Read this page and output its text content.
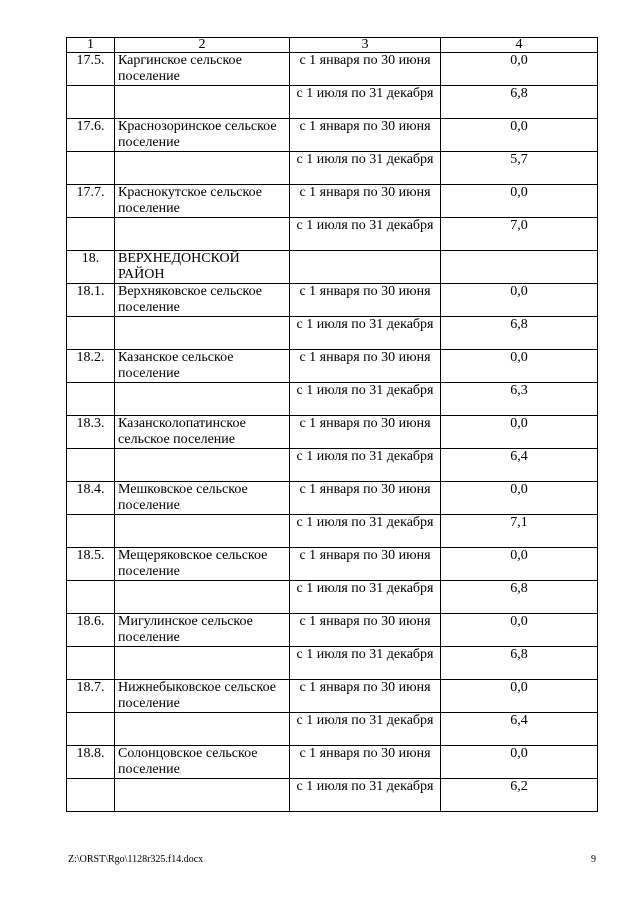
1	2	3	4
17.5.	Каргинское сельское поселение	с 1 января по 30 июня	0,0
		с 1 июля по 31 декабря	6,8
17.6.	Краснозоринское сельское поселение	с 1 января по 30 июня	0,0
		с 1 июля по 31 декабря	5,7
17.7.	Краснокутское сельское поселение	с 1 января по 30 июня	0,0
		с 1 июля по 31 декабря	7,0
18.	ВЕРХНЕДОНСКОЙ РАЙОН		
18.1.	Верхняковское сельское поселение	с 1 января по 30 июня	0,0
		с 1 июля по 31 декабря	6,8
18.2.	Казанское сельское поселение	с 1 января по 30 июня	0,0
		с 1 июля по 31 декабря	6,3
18.3.	Казансколопатинское сельское поселение	с 1 января по 30 июня	0,0
		с 1 июля по 31 декабря	6,4
18.4.	Мешковское сельское поселение	с 1 января по 30 июня	0,0
		с 1 июля по 31 декабря	7,1
18.5.	Мещеряковское сельское поселение	с 1 января по 30 июня	0,0
		с 1 июля по 31 декабря	6,8
18.6.	Мигулинское сельское поселение	с 1 января по 30 июня	0,0
		с 1 июля по 31 декабря	6,8
18.7.	Нижнебыковское сельское поселение	с 1 января по 30 июня	0,0
		с 1 июля по 31 декабря	6,4
18.8.	Солонцовское сельское поселение	с 1 января по 30 июня	0,0
		с 1 июля по 31 декабря	6,2
Z:\ORST\Rgo\1128r325.f14.docx	9
